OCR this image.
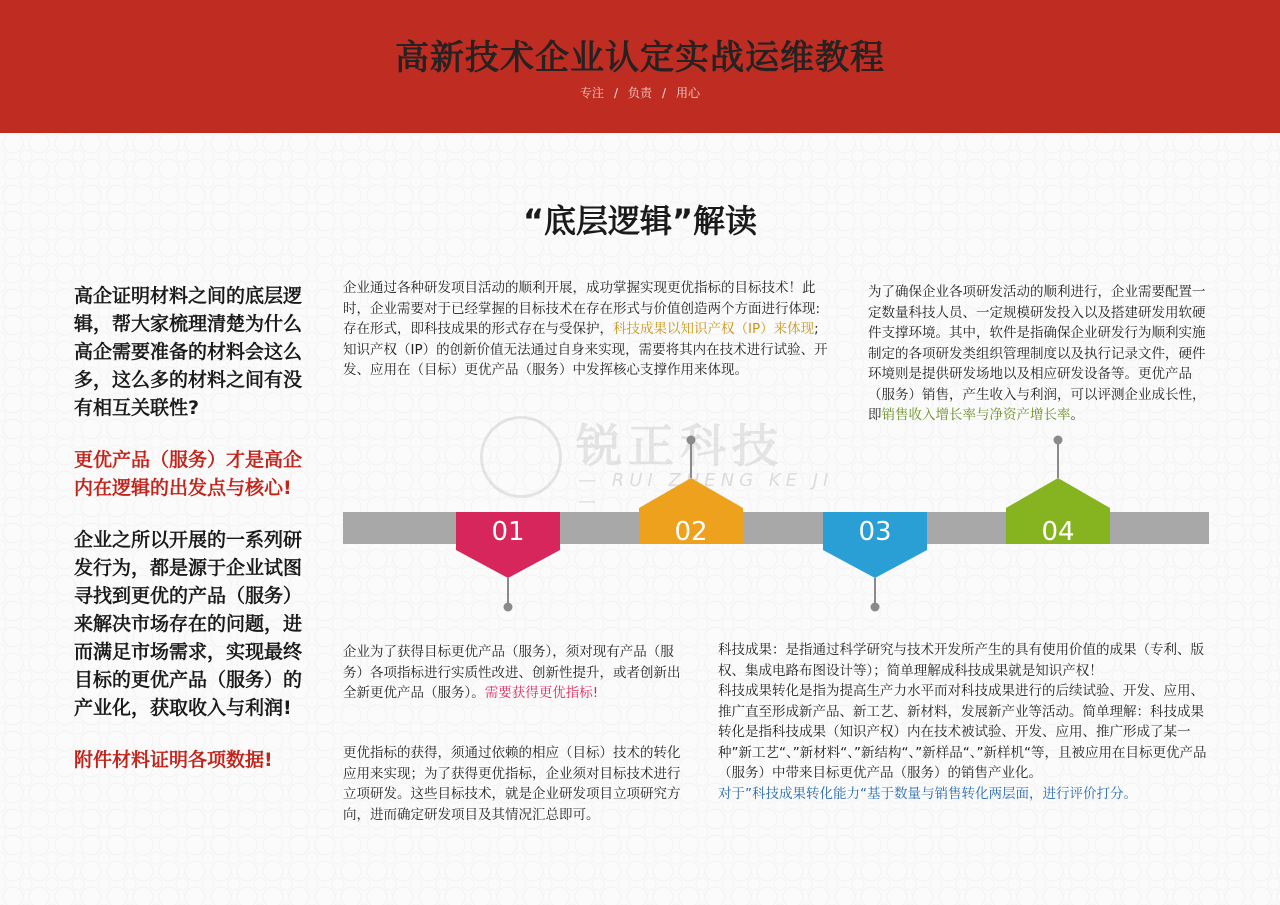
高新技术企业认定实战运维教程
专注 / 负责 / 用心
“底层逻辑”解读
锐正科技
— RUI ZHENG KE JI —

高企证明材料之间的底层逻辑，帮大家梳理清楚为什么高企需要准备的材料会这么多，这么多的材料之间有没有相互关联性?

更优产品（服务）才是高企内在逻辑的出发点与核心!

企业之所以开展的一系列研发行为，都是源于企业试图寻找到更优的产品（服务）来解决市场存在的问题，进而满足市场需求，实现最终目标的更优产品（服务）的产业化，获取收入与利润!

附件材料证明各项数据!

企业通过各种研发项目活动的顺利开展，成功掌握实现更优指标的目标技术！此时，企业需要对于已经掌握的目标技术在存在形式与价值创造两个方面进行体现:
存在形式，即科技成果的形式存在与受保护，科技成果以知识产权（IP）来体现;
知识产权（IP）的创新价值无法通过自身来实现，需要将其内在技术进行试验、开发、应用在（目标）更优产品（服务）中发挥核心支撑作用来体现。
为了确保企业各项研发活动的顺利进行，企业需要配置一定数量科技人员、一定规模研发投入以及搭建研发用软硬件支撑环境。其中，软件是指确保企业研发行为顺利实施制定的各项研发类组织管理制度以及执行记录文件，硬件环境则是提供研发场地以及相应研发设备等。更优产品（服务）销售，产生收入与利润，可以评测企业成长性，即销售收入增长率与净资产增长率。
01	02	03	04
企业为了获得目标更优产品（服务），须对现有产品（服务）各项指标进行实质性改进、创新性提升，或者创新出全新更优产品（服务）。需要获得更优指标!
更优指标的获得，须通过依赖的相应（目标）技术的转化应用来实现；为了获得更优指标，企业须对目标技术进行立项研发。这些目标技术，就是企业研发项目立项研究方向，进而确定研发项目及其情况汇总即可。
科技成果：是指通过科学研究与技术开发所产生的具有使用价值的成果（专利、版权、集成电路布图设计等）；简单理解成科技成果就是知识产权！
科技成果转化是指为提高生产力水平而对科技成果进行的后续试验、开发、应用、推广直至形成新产品、新工艺、新材料，发展新产业等活动。简单理解：科技成果转化是指科技成果（知识产权）内在技术被试验、开发、应用、推广形成了某一种”新工艺“、”新材料“、”新结构“、”新样品“、”新样机“等，且被应用在目标更优产品（服务）中带来目标更优产品（服务）的销售产业化。
对于”科技成果转化能力“基于数量与销售转化两层面，进行评价打分。
